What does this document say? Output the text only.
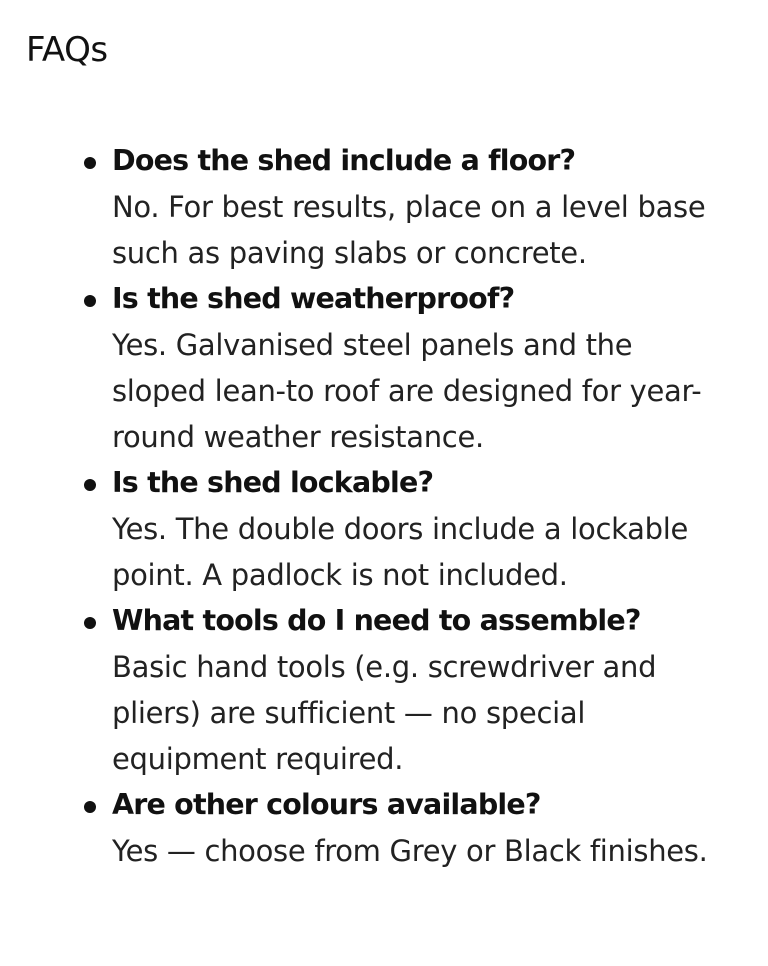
FAQs

Does the shed include a floor?

No. For best results, place on a level base such as paving slabs or concrete.

Is the shed weatherproof?

Yes. Galvanised steel panels and the sloped lean-to roof are designed for year-round weather resistance.

Is the shed lockable?

Yes. The double doors include a lockable point. A padlock is not included.

What tools do I need to assemble?

Basic hand tools (e.g. screwdriver and pliers) are sufficient — no special equipment required.

Are other colours available?

Yes — choose from Grey or Black finishes.
